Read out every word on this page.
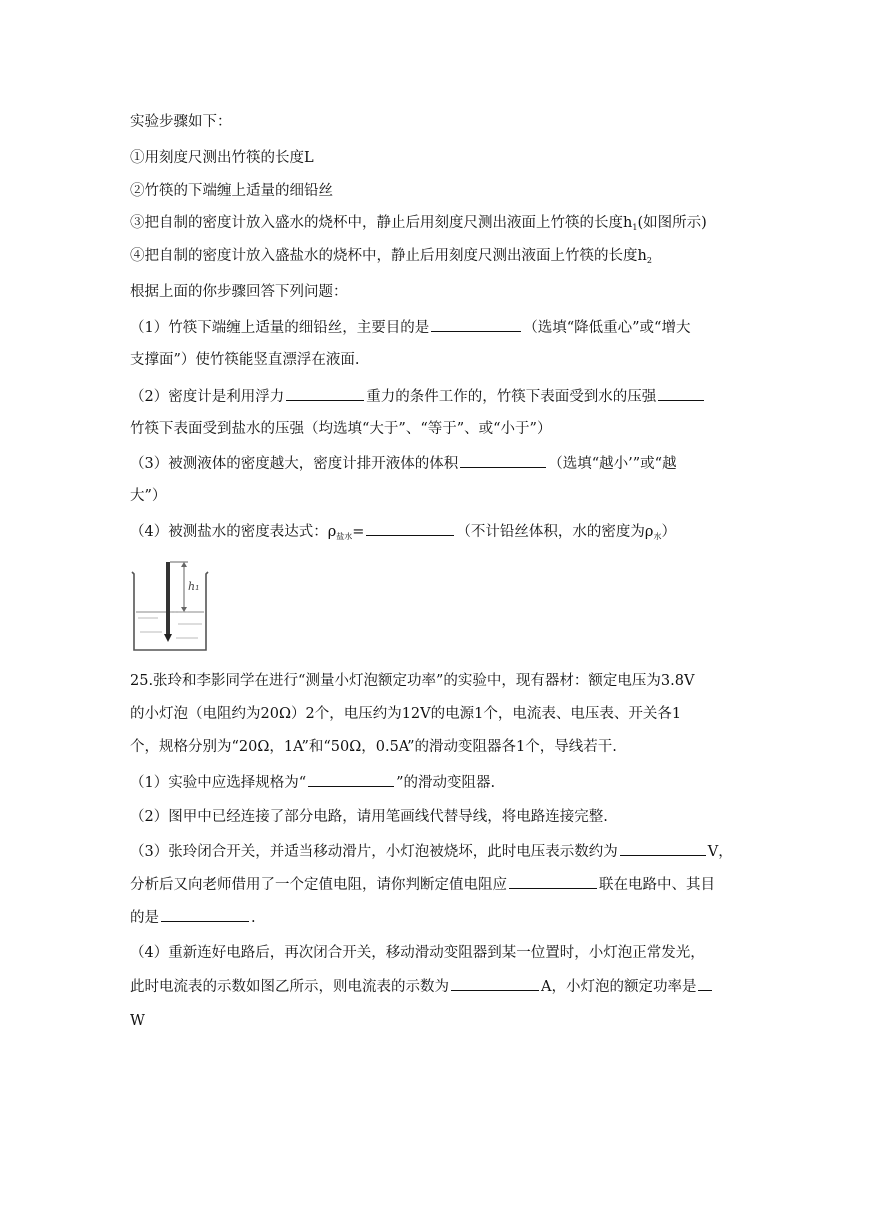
实验步骤如下：
①用刻度尺测出竹筷的长度L
②竹筷的下端缠上适量的细铅丝
③把自制的密度计放入盛水的烧杯中，静止后用刻度尺测出液面上竹筷的长度$h_1$(如图所示)
④把自制的密度计放入盛盐水的烧杯中，静止后用刻度尺测出液面上竹筷的长度$h_2$
根据上面的你步骤回答下列问题：
（1）竹筷下端缠上适量的细铅丝，主要目的是	（选填“降低重心”或“增大
支撑面”）使竹筷能竖直漂浮在液面.
（2）密度计是利用浮力	重力的条件工作的，竹筷下表面受到水的压强
竹筷下表面受到盐水的压强（均选填“大于”、“等于”、或“小于”）
（3）被测液体的密度越大，密度计排开液体的体积	（选填“越小’”或“越
大”）
（4）被测盐水的密度表达式：$\rho_{盐水}=$	（不计铅丝体积，水的密度为$\rho_水$）
h₁
25.张玲和李影同学在进行“测量小灯泡额定功率”的实验中，现有器材：额定电压为3.8V
的小灯泡（电阻约为20Ω）2个，电压约为12V的电源1个，电流表、电压表、开关各1
个，规格分别为“20Ω，1A”和“50Ω，0.5A”的滑动变阻器各1个，导线若干.
（1）实验中应选择规格为“	”的滑动变阻器.
（2）图甲中已经连接了部分电路，请用笔画线代替导线，将电路连接完整.
（3）张玲闭合开关，并适当移动滑片，小灯泡被烧坏，此时电压表示数约为	V，
分析后又向老师借用了一个定值电阻，请你判断定值电阻应	联在电路中、其目
的是	.
（4）重新连好电路后，再次闭合开关，移动滑动变阻器到某一位置时，小灯泡正常发光，
此时电流表的示数如图乙所示，则电流表的示数为	A，小灯泡的额定功率是
W
